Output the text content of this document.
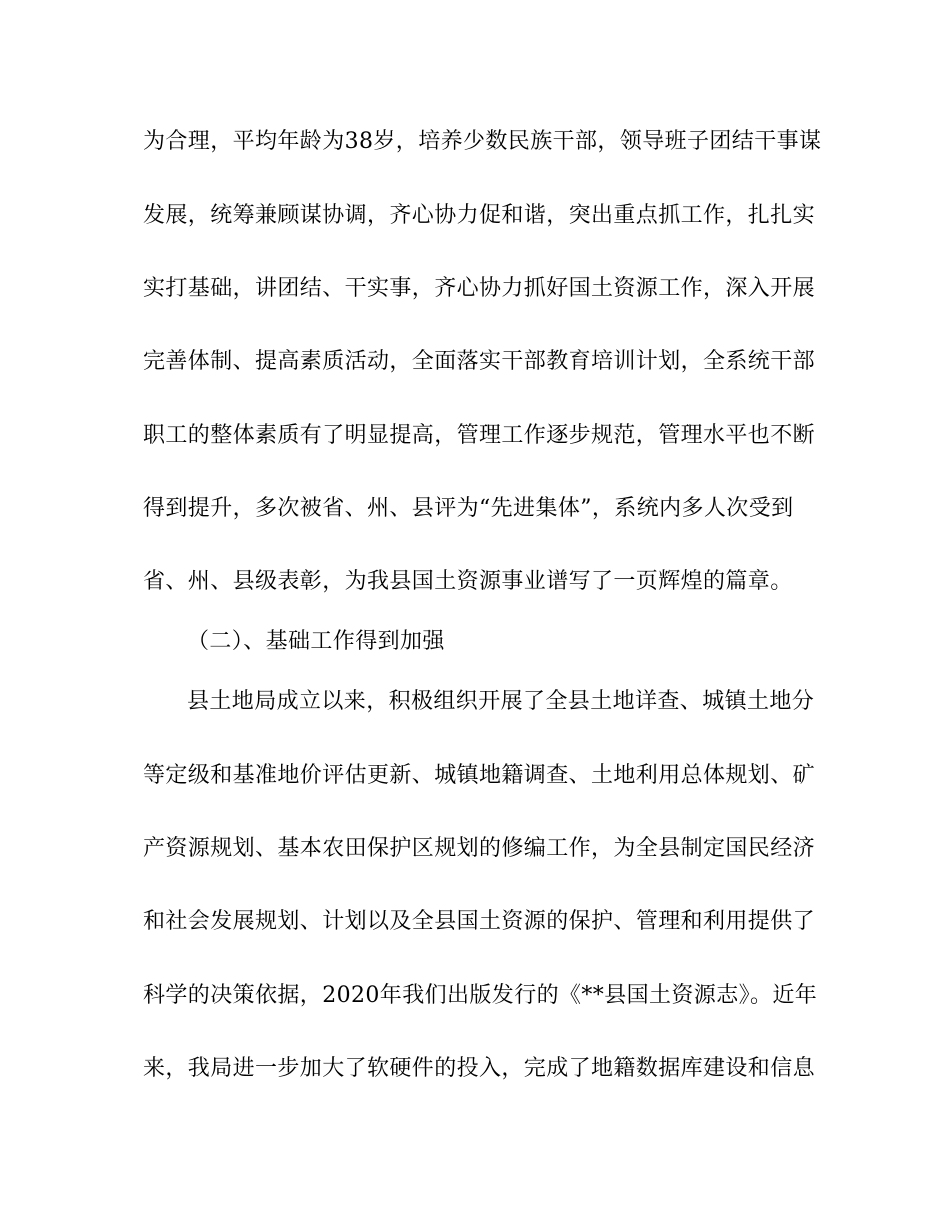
为合理，平均年龄为38岁，培养少数民族干部，领导班子团结干事谋
发展，统筹兼顾谋协调，齐心协力促和谐，突出重点抓工作，扎扎实
实打基础，讲团结、干实事，齐心协力抓好国土资源工作，深入开展
完善体制、提高素质活动，全面落实干部教育培训计划，全系统干部
职工的整体素质有了明显提高，管理工作逐步规范，管理水平也不断
得到提升，多次被省、州、县评为“先进集体”，系统内多人次受到
省、州、县级表彰，为我县国土资源事业谱写了一页辉煌的篇章。
（二）、基础工作得到加强
县土地局成立以来，积极组织开展了全县土地详查、城镇土地分
等定级和基准地价评估更新、城镇地籍调查、土地利用总体规划、矿
产资源规划、基本农田保护区规划的修编工作，为全县制定国民经济
和社会发展规划、计划以及全县国土资源的保护、管理和利用提供了
科学的决策依据，2020年我们出版发行的《**县国土资源志》。近年
来，我局进一步加大了软硬件的投入，完成了地籍数据库建设和信息
